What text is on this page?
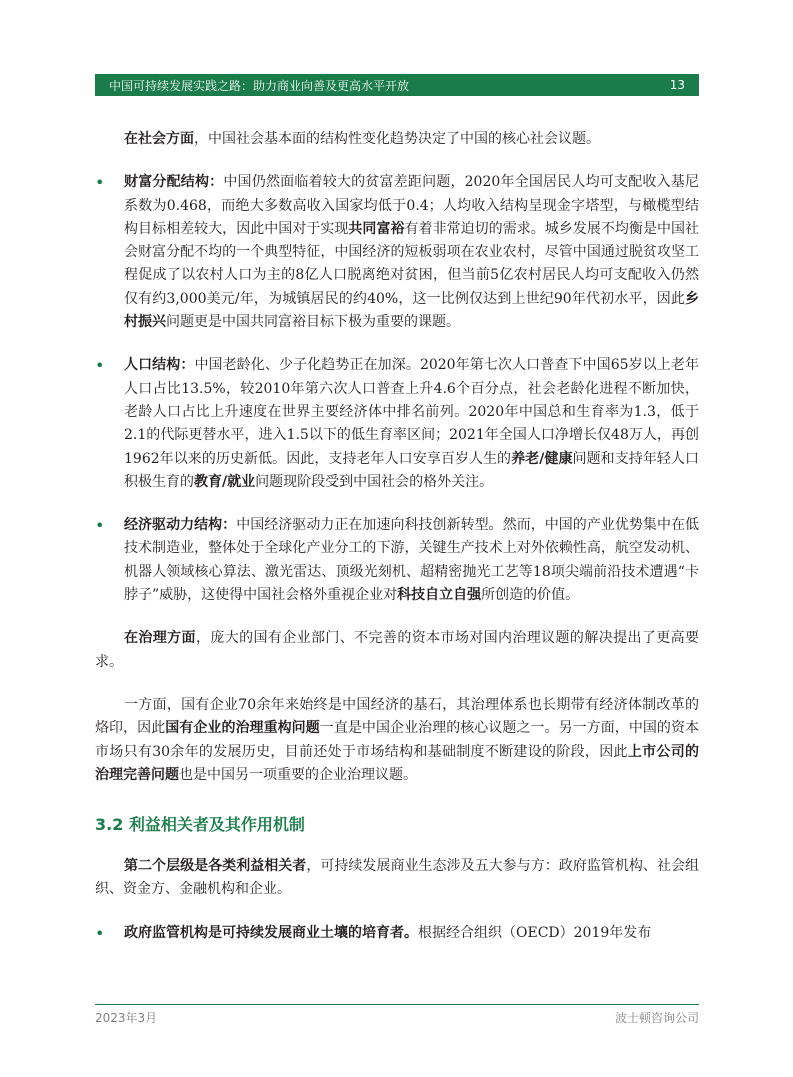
中国可持续发展实践之路：助力商业向善及更高水平开放	13

在社会方面，中国社会基本面的结构性变化趋势决定了中国的核心社会议题。

• 财富分配结构：中国仍然面临着较大的贫富差距问题，2020年全国居民人均可支配收入基尼系数为0.468，而绝大多数高收入国家均低于0.4；人均收入结构呈现金字塔型，与橄榄型结构目标相差较大，因此中国对于实现共同富裕有着非常迫切的需求。城乡发展不均衡是中国社会财富分配不均的一个典型特征，中国经济的短板弱项在农业农村，尽管中国通过脱贫攻坚工程促成了以农村人口为主的8亿人口脱离绝对贫困，但当前5亿农村居民人均可支配收入仍然仅有约3,000美元/年，为城镇居民的约40%，这一比例仅达到上世纪90年代初水平，因此乡村振兴问题更是中国共同富裕目标下极为重要的课题。
• 人口结构：中国老龄化、少子化趋势正在加深。2020年第七次人口普查下中国65岁以上老年人口占比13.5%，较2010年第六次人口普查上升4.6个百分点，社会老龄化进程不断加快，老龄人口占比上升速度在世界主要经济体中排名前列。2020年中国总和生育率为1.3，低于2.1的代际更替水平，进入1.5以下的低生育率区间；2021年全国人口净增长仅48万人，再创1962年以来的历史新低。因此，支持老年人口安享百岁人生的养老/健康问题和支持年轻人口积极生育的教育/就业问题现阶段受到中国社会的格外关注。
• 经济驱动力结构：中国经济驱动力正在加速向科技创新转型。然而，中国的产业优势集中在低技术制造业，整体处于全球化产业分工的下游，关键生产技术上对外依赖性高，航空发动机、机器人领域核心算法、激光雷达、顶级光刻机、超精密抛光工艺等18项尖端前沿技术遭遇“卡脖子”威胁，这使得中国社会格外重视企业对科技自立自强所创造的价值。

在治理方面，庞大的国有企业部门、不完善的资本市场对国内治理议题的解决提出了更高要求。

一方面，国有企业70余年来始终是中国经济的基石，其治理体系也长期带有经济体制改革的烙印，因此国有企业的治理重构问题一直是中国企业治理的核心议题之一。另一方面，中国的资本市场只有30余年的发展历史，目前还处于市场结构和基础制度不断建设的阶段，因此上市公司的治理完善问题也是中国另一项重要的企业治理议题。

3.2 利益相关者及其作用机制

第二个层级是各类利益相关者，可持续发展商业生态涉及五大参与方：政府监管机构、社会组织、资金方、金融机构和企业。

• 政府监管机构是可持续发展商业土壤的培育者。根据经合组织（OECD）2019年发布
2023年3月	波士顿咨询公司
